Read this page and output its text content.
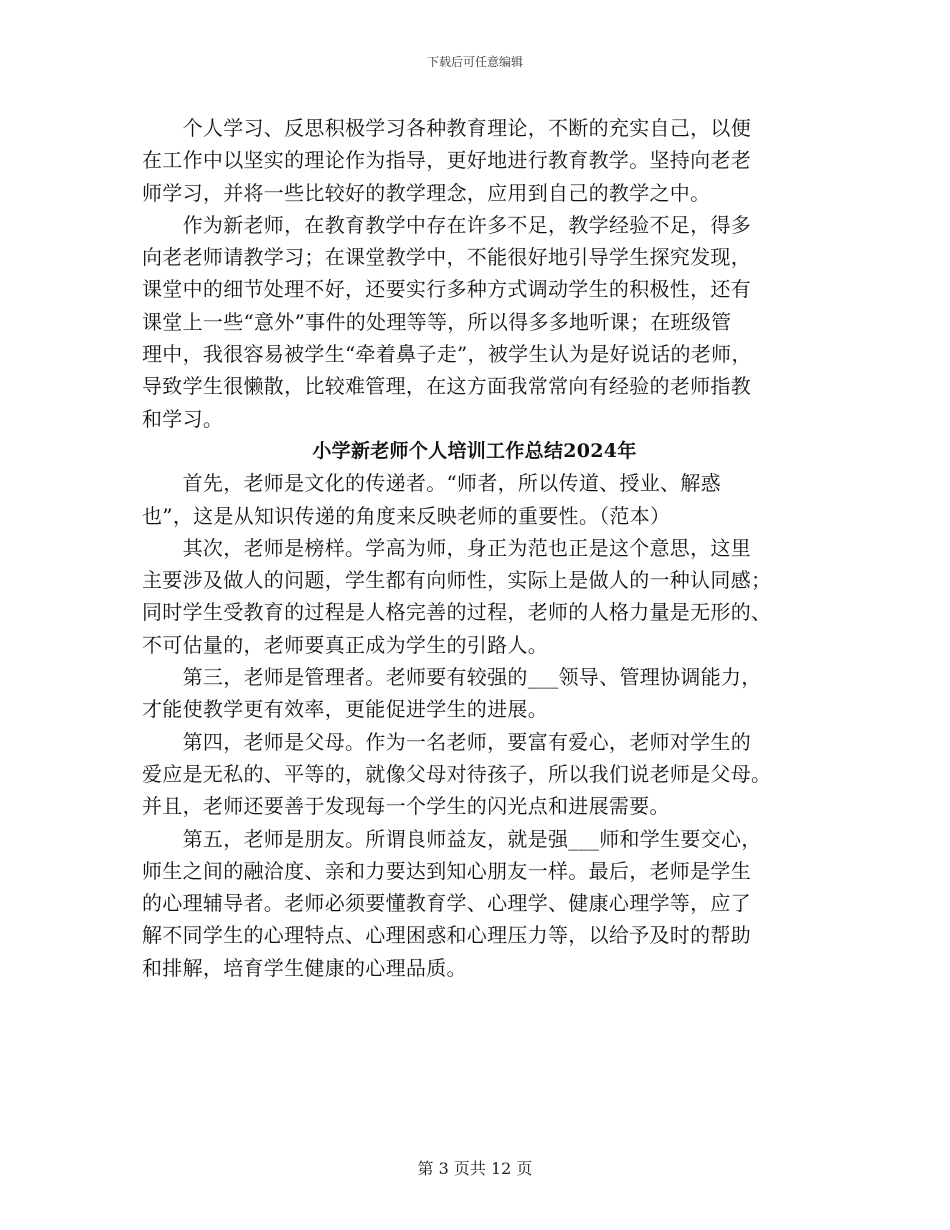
下载后可任意编辑
　　个人学习、反思积极学习各种教育理论，不断的充实自己，以便
在工作中以坚实的理论作为指导，更好地进行教育教学。坚持向老老
师学习，并将一些比较好的教学理念，应用到自己的教学之中。
　　作为新老师，在教育教学中存在许多不足，教学经验不足，得多
向老老师请教学习；在课堂教学中，不能很好地引导学生探究发现，
课堂中的细节处理不好，还要实行多种方式调动学生的积极性，还有
课堂上一些“意外”事件的处理等等，所以得多多地听课；在班级管
理中，我很容易被学生“牵着鼻子走”，被学生认为是好说话的老师，
导致学生很懒散，比较难管理，在这方面我常常向有经验的老师指教
和学习。
小学新老师个人培训工作总结2024年
　　首先，老师是文化的传递者。“师者，所以传道、授业、解惑
也”，这是从知识传递的角度来反映老师的重要性。（范本）
　　其次，老师是榜样。学高为师，身正为范也正是这个意思，这里
主要涉及做人的问题，学生都有向师性，实际上是做人的一种认同感；
同时学生受教育的过程是人格完善的过程，老师的人格力量是无形的、
不可估量的，老师要真正成为学生的引路人。
　　第三，老师是管理者。老师要有较强的___领导、管理协调能力，
才能使教学更有效率，更能促进学生的进展。
　　第四，老师是父母。作为一名老师，要富有爱心，老师对学生的
爱应是无私的、平等的，就像父母对待孩子，所以我们说老师是父母。
并且，老师还要善于发现每一个学生的闪光点和进展需要。
　　第五，老师是朋友。所谓良师益友，就是强___师和学生要交心，
师生之间的融洽度、亲和力要达到知心朋友一样。最后，老师是学生
的心理辅导者。老师必须要懂教育学、心理学、健康心理学等，应了
解不同学生的心理特点、心理困惑和心理压力等，以给予及时的帮助
和排解，培育学生健康的心理品质。
第 3 页共 12 页
